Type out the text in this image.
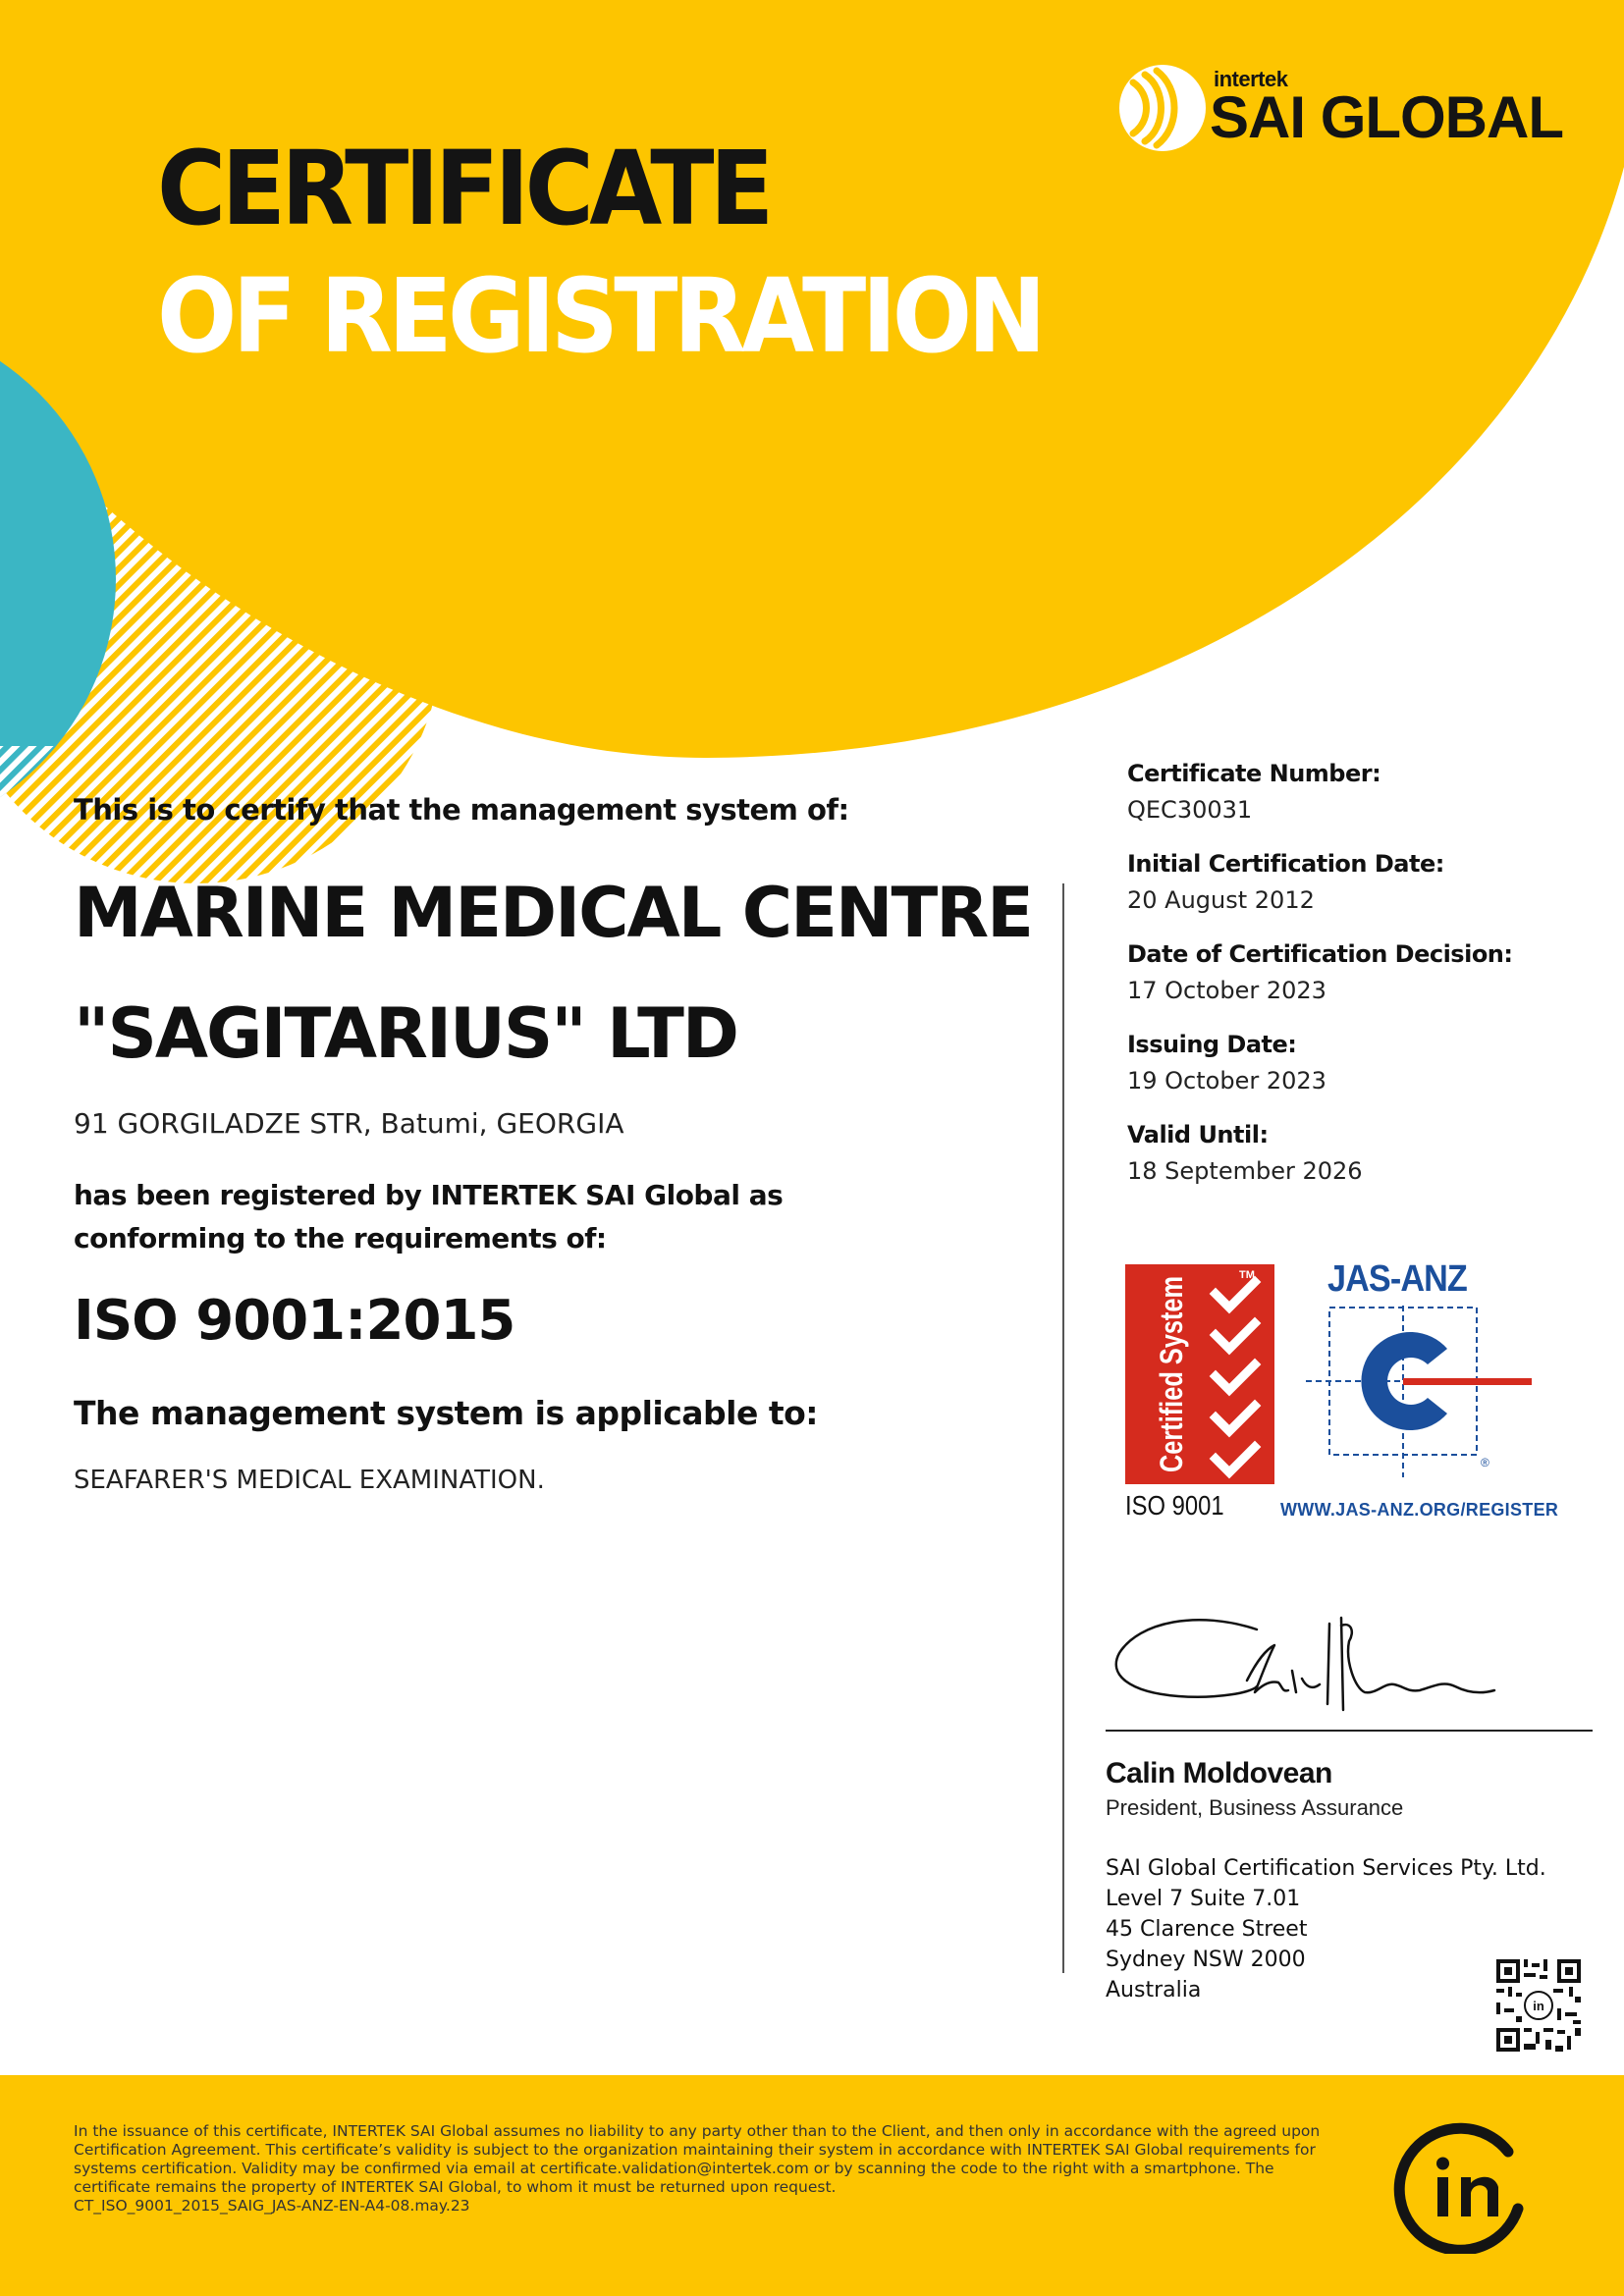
CERTIFICATE
OF REGISTRATION
intertek
SAI GLOBAL
This is to certify that the management system of:
MARINE MEDICAL CENTRE
"SAGITARIUS" LTD
91 GORGILADZE STR, Batumi, GEORGIA
has been registered by INTERTEK SAI Global as conforming to the requirements of:
ISO 9001:2015
The management system is applicable to:
SEAFARER'S MEDICAL EXAMINATION.
Certificate Number:
QEC30031
Initial Certification Date:
20 August 2012
Date of Certification Decision:
17 October 2023
Issuing Date:
19 October 2023
Valid Until:
18 September 2026
TM
Certified System
ISO 9001
JAS-ANZ
®
WWW.JAS-ANZ.ORG/REGISTER
Calin Moldovean
President, Business Assurance
SAI Global Certification Services Pty. Ltd.
Level 7 Suite 7.01
45 Clarence Street
Sydney NSW 2000
Australia
in
In the issuance of this certificate, INTERTEK SAI Global assumes no liability to any party other than to the Client, and then only in accordance with the agreed upon
Certification Agreement. This certificate’s validity is subject to the organization maintaining their system in accordance with INTERTEK SAI Global requirements for
systems certification. Validity may be confirmed via email at certificate.validation@intertek.com or by scanning the code to the right with a smartphone. The
certificate remains the property of INTERTEK SAI Global, to whom it must be returned upon request.
CT_ISO_9001_2015_SAIG_JAS-ANZ-EN-A4-08.may.23
